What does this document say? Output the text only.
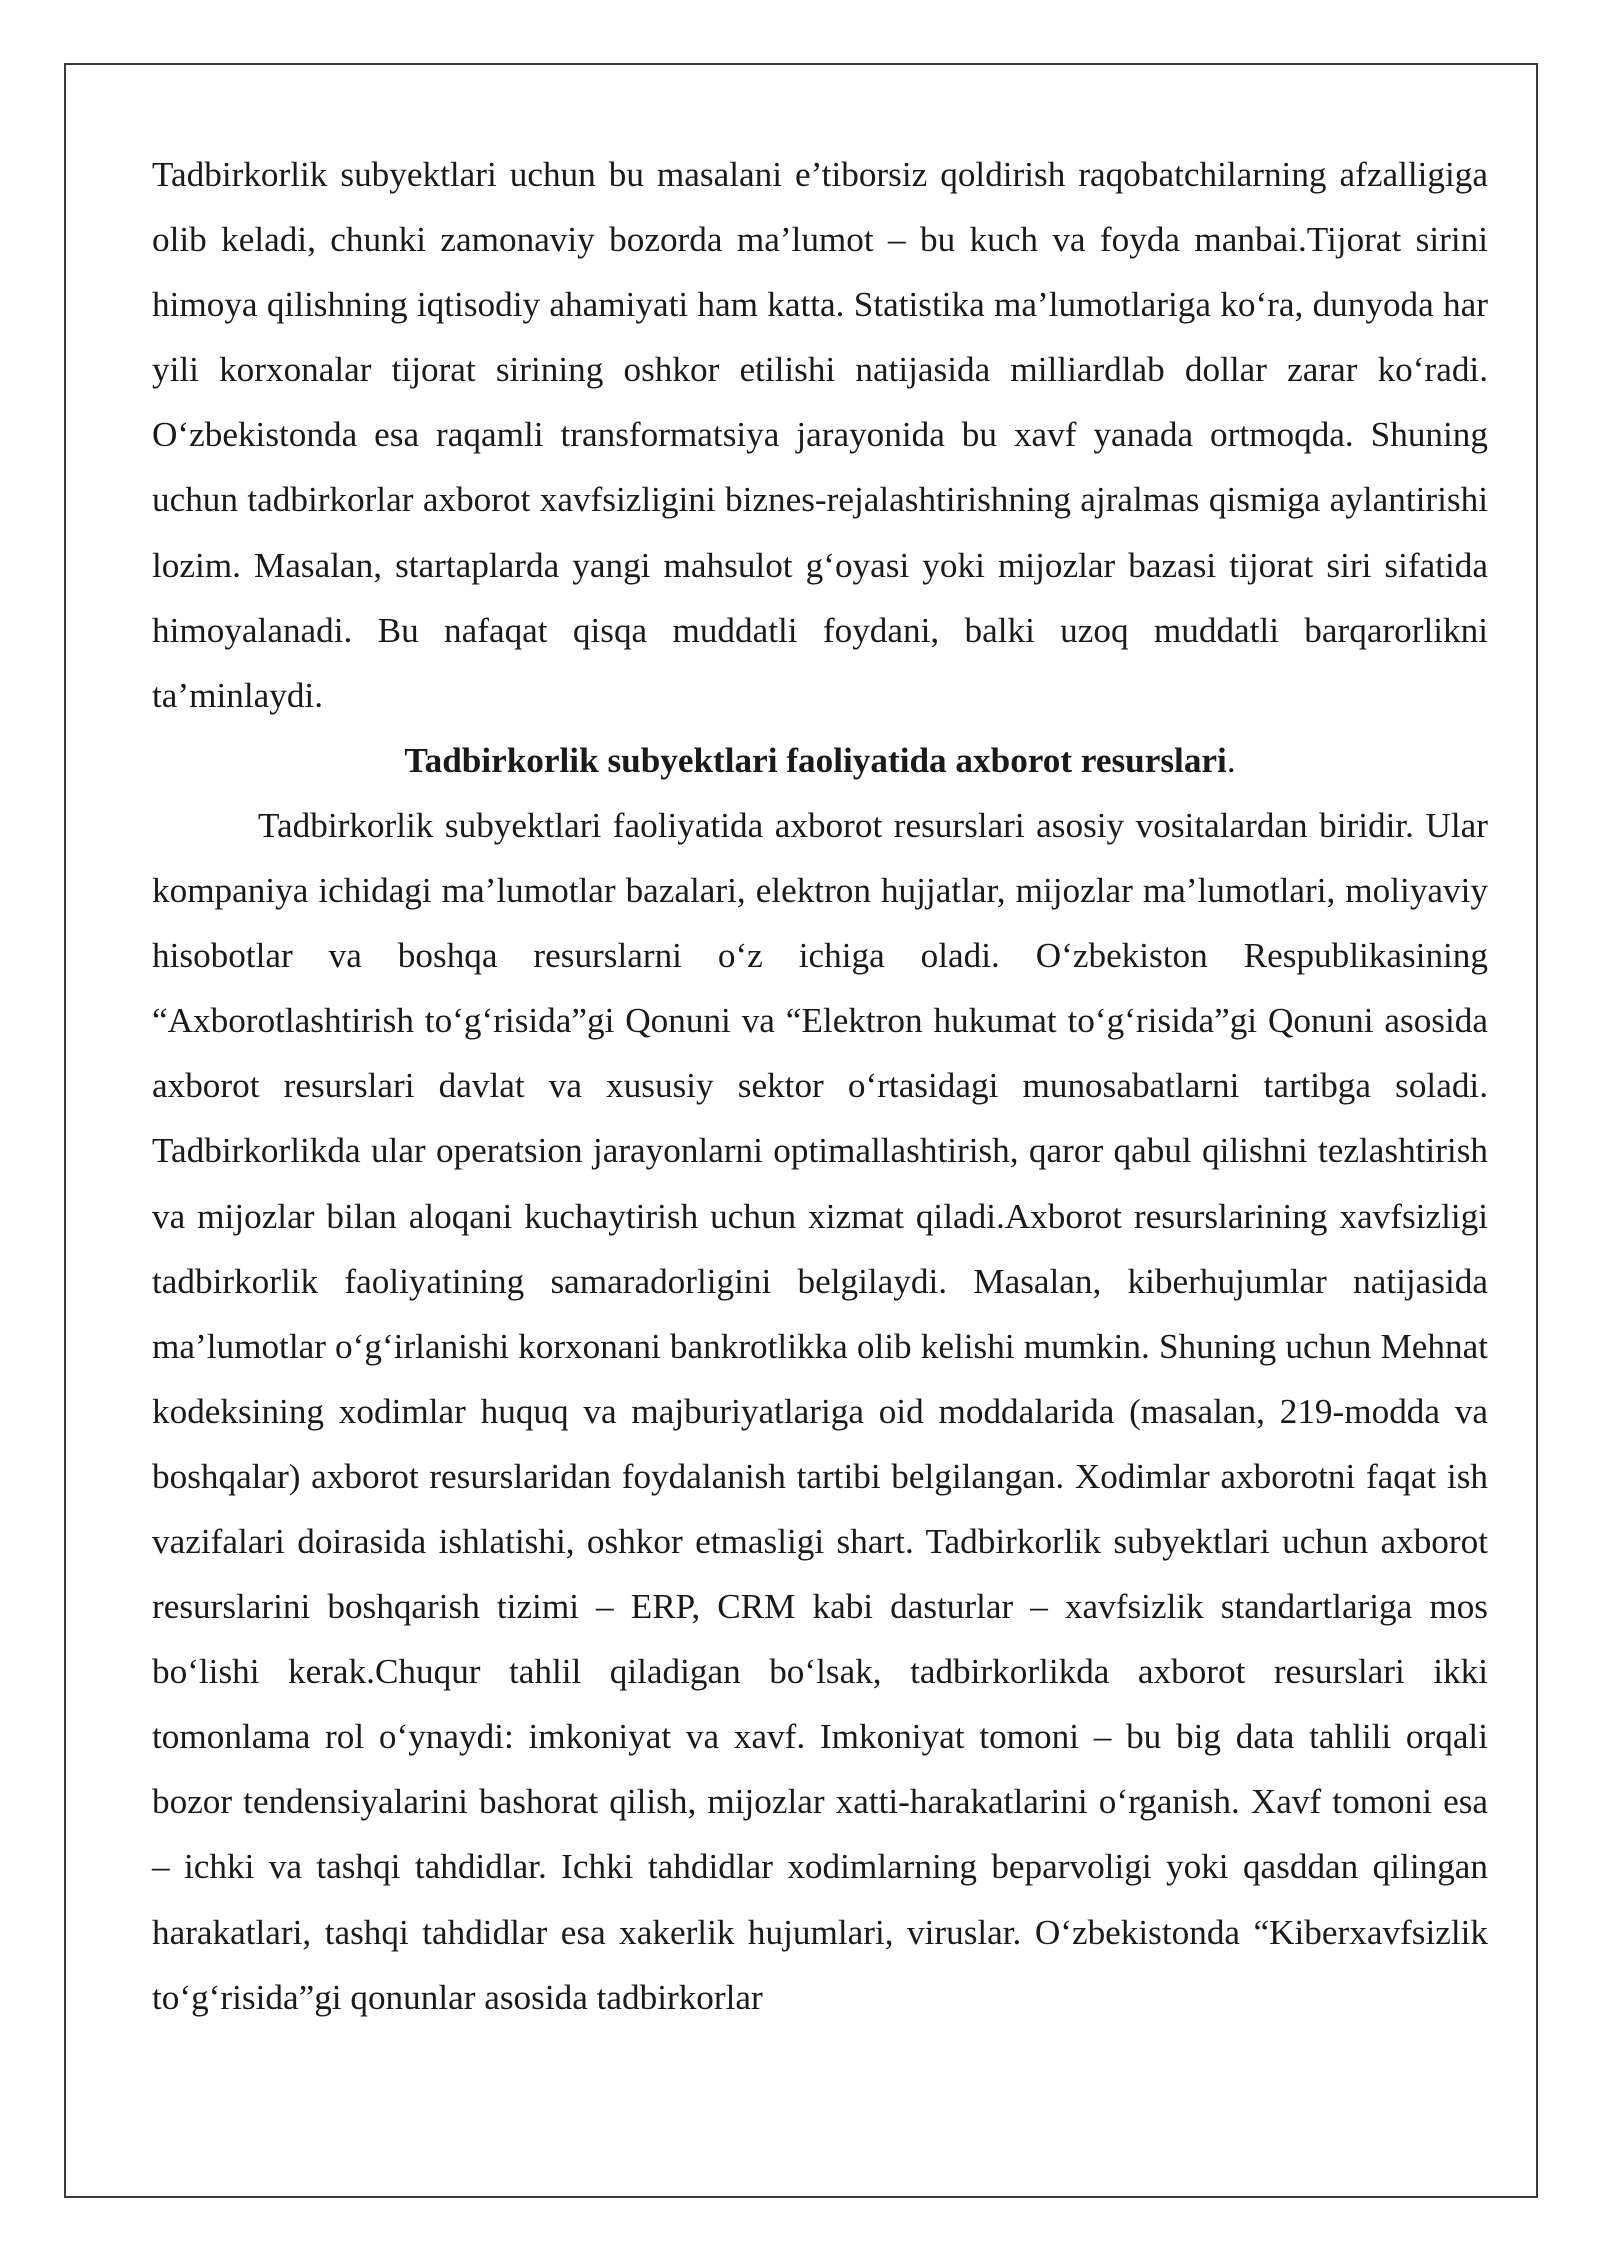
Tadbirkorlik subyektlari uchun bu masalani e’tiborsiz qoldirish raqobatchilarning afzalligiga olib keladi, chunki zamonaviy bozorda ma’lumot – bu kuch va foyda manbai.Tijorat sirini himoya qilishning iqtisodiy ahamiyati ham katta. Statistika ma’lumotlariga ko‘ra, dunyoda har yili korxonalar tijorat sirining oshkor etilishi natijasida milliardlab dollar zarar ko‘radi. O‘zbekistonda esa raqamli transformatsiya jarayonida bu xavf yanada ortmoqda. Shuning uchun tadbirkorlar axborot xavfsizligini biznes-rejalashtirishning ajralmas qismiga aylantirishi lozim. Masalan, startaplarda yangi mahsulot g‘oyasi yoki mijozlar bazasi tijorat siri sifatida himoyalanadi. Bu nafaqat qisqa muddatli foydani, balki uzoq muddatli barqarorlikni ta’minlaydi.

Tadbirkorlik subyektlari faoliyatida axborot resurslari.

Tadbirkorlik subyektlari faoliyatida axborot resurslari asosiy vositalardan biridir. Ular kompaniya ichidagi ma’lumotlar bazalari, elektron hujjatlar, mijozlar ma’lumotlari, moliyaviy hisobotlar va boshqa resurslarni o‘z ichiga oladi. O‘zbekiston Respublikasining “Axborotlashtirish to‘g‘risida”gi Qonuni va “Elektron hukumat to‘g‘risida”gi Qonuni asosida axborot resurslari davlat va xususiy sektor o‘rtasidagi munosabatlarni tartibga soladi. Tadbirkorlikda ular operatsion jarayonlarni optimallashtirish, qaror qabul qilishni tezlashtirish va mijozlar bilan aloqani kuchaytirish uchun xizmat qiladi.Axborot resurslarining xavfsizligi tadbirkorlik faoliyatining samaradorligini belgilaydi. Masalan, kiberhujumlar natijasida ma’lumotlar o‘g‘irlanishi korxonani bankrotlikka olib kelishi mumkin. Shuning uchun Mehnat kodeksining xodimlar huquq va majburiyatlariga oid moddalarida (masalan, 219-modda va boshqalar) axborot resurslaridan foydalanish tartibi belgilangan. Xodimlar axborotni faqat ish vazifalari doirasida ishlatishi, oshkor etmasligi shart. Tadbirkorlik subyektlari uchun axborot resurslarini boshqarish tizimi – ERP, CRM kabi dasturlar – xavfsizlik standartlariga mos bo‘lishi kerak.Chuqur tahlil qiladigan bo‘lsak, tadbirkorlikda axborot resurslari ikki tomonlama rol o‘ynaydi: imkoniyat va xavf. Imkoniyat tomoni – bu big data tahlili orqali bozor tendensiyalarini bashorat qilish, mijozlar xatti-harakatlarini o‘rganish. Xavf tomoni esa – ichki va tashqi tahdidlar. Ichki tahdidlar xodimlarning beparvoligi yoki qasddan qilingan harakatlari, tashqi tahdidlar esa xakerlik hujumlari, viruslar. O‘zbekistonda “Kiberxavfsizlik to‘g‘risida”gi qonunlar asosida tadbirkorlar
